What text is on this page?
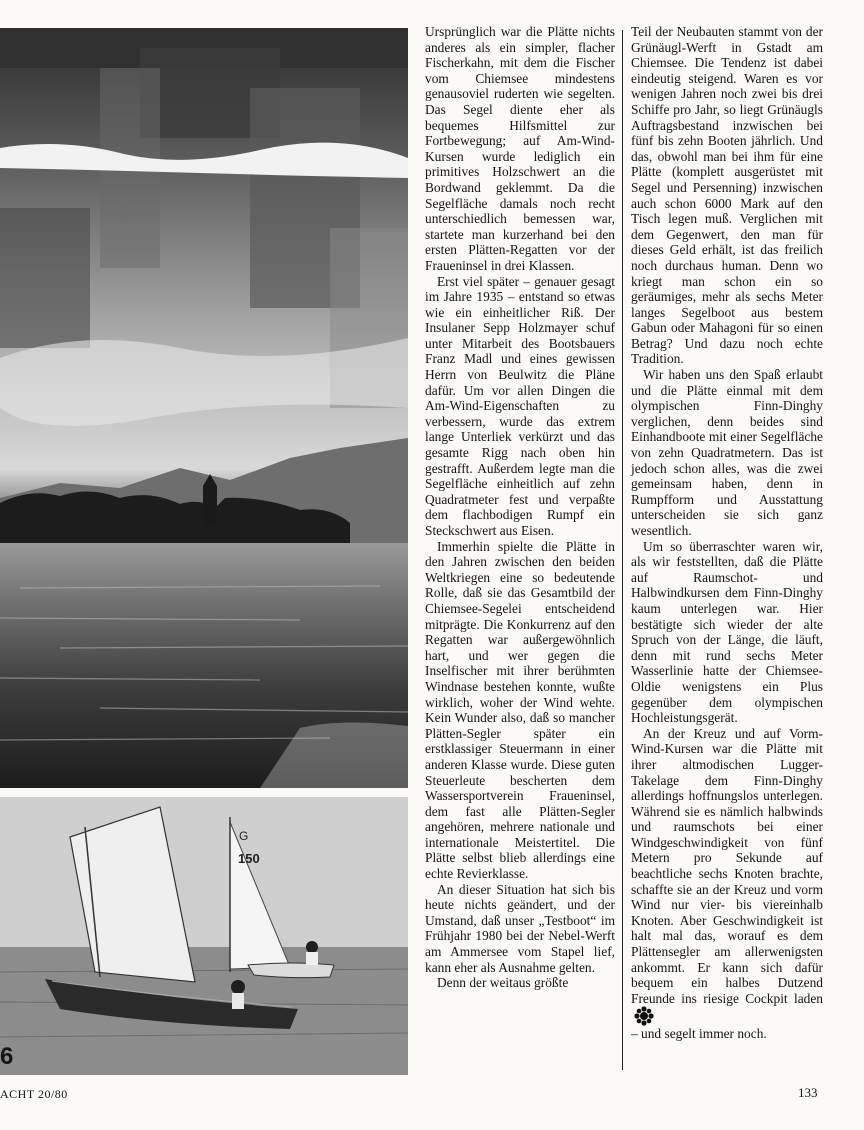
G
150
6

Ursprünglich war die Plätte nichts anderes als ein simpler, flacher Fischerkahn, mit dem die Fischer vom Chiemsee mindestens genausoviel ruderten wie segelten. Das Segel diente eher als bequemes Hilfsmittel zur Fortbewegung; auf Am-Wind-Kursen wurde lediglich ein primitives Holzschwert an die Bordwand geklemmt. Da die Segelfläche damals noch recht unterschiedlich bemessen war, startete man kurzerhand bei den ersten Plätten-Regatten vor der Fraueninsel in drei Klassen.

Erst viel später – genauer gesagt im Jahre 1935 – entstand so etwas wie ein einheitlicher Riß. Der Insulaner Sepp Holzmayer schuf unter Mitarbeit des Bootsbauers Franz Madl und eines gewissen Herrn von Beulwitz die Pläne dafür. Um vor allen Dingen die Am-Wind-Eigenschaften zu verbessern, wurde das extrem lange Unterliek verkürzt und das gesamte Rigg nach oben hin gestrafft. Außerdem legte man die Segelfläche einheitlich auf zehn Quadratmeter fest und verpaßte dem flachbodigen Rumpf ein Steckschwert aus Eisen.

Immerhin spielte die Plätte in den Jahren zwischen den beiden Weltkriegen eine so bedeutende Rolle, daß sie das Gesamtbild der Chiemsee-Segelei entscheidend mitprägte. Die Konkurrenz auf den Regatten war außergewöhnlich hart, und wer gegen die Inselfischer mit ihrer berühmten Windnase bestehen konnte, wußte wirklich, woher der Wind wehte. Kein Wunder also, daß so mancher Plätten-Segler später ein erstklassiger Steuermann in einer anderen Klasse wurde. Diese guten Steuerleute bescherten dem Wassersportverein Fraueninsel, dem fast alle Plätten-Segler angehören, mehrere nationale und internationale Meistertitel. Die Plätte selbst blieb allerdings eine echte Revierklasse.

An dieser Situation hat sich bis heute nichts geändert, und der Umstand, daß unser „Testboot“ im Frühjahr 1980 bei der Nebel-Werft am Ammersee vom Stapel lief, kann eher als Ausnahme gelten.

Denn der weitaus größte

Teil der Neubauten stammt von der Grünäugl-Werft in Gstadt am Chiemsee. Die Tendenz ist dabei eindeutig steigend. Waren es vor wenigen Jahren noch zwei bis drei Schiffe pro Jahr, so liegt Grünäugls Auftragsbestand inzwischen bei fünf bis zehn Booten jährlich. Und das, obwohl man bei ihm für eine Plätte (komplett ausgerüstet mit Segel und Persenning) inzwischen auch schon 6000 Mark auf den Tisch legen muß. Verglichen mit dem Gegenwert, den man für dieses Geld erhält, ist das freilich noch durchaus human. Denn wo kriegt man schon ein so geräumiges, mehr als sechs Meter langes Segelboot aus bestem Gabun oder Mahagoni für so einen Betrag? Und dazu noch echte Tradition.

Wir haben uns den Spaß erlaubt und die Plätte einmal mit dem olympischen Finn-Dinghy verglichen, denn beides sind Einhandboote mit einer Segelfläche von zehn Quadratmetern. Das ist jedoch schon alles, was die zwei gemeinsam haben, denn in Rumpfform und Ausstattung unterscheiden sie sich ganz wesentlich.

Um so überraschter waren wir, als wir feststellten, daß die Plätte auf Raumschot- und Halbwindkursen dem Finn-Dinghy kaum unterlegen war. Hier bestätigte sich wieder der alte Spruch von der Länge, die läuft, denn mit rund sechs Meter Wasserlinie hatte der Chiemsee-Oldie wenigstens ein Plus gegenüber dem olympischen Hochleistungsgerät.

An der Kreuz und auf Vorm-Wind-Kursen war die Plätte mit ihrer altmodischen Lugger-Takelage dem Finn-Dinghy allerdings hoffnungslos unterlegen. Während sie es nämlich halbwinds und raumschots bei einer Windgeschwindigkeit von fünf Metern pro Sekunde auf beachtliche sechs Knoten brachte, schaffte sie an der Kreuz und vorm Wind nur vier- bis viereinhalb Knoten. Aber Geschwindigkeit ist halt mal das, worauf es dem Plättensegler am allerwenigsten ankommt. Er kann sich dafür bequem ein halbes Dutzend Freunde ins riesige Cockpit laden

– und segelt immer noch.

ACHT 20/80	133
